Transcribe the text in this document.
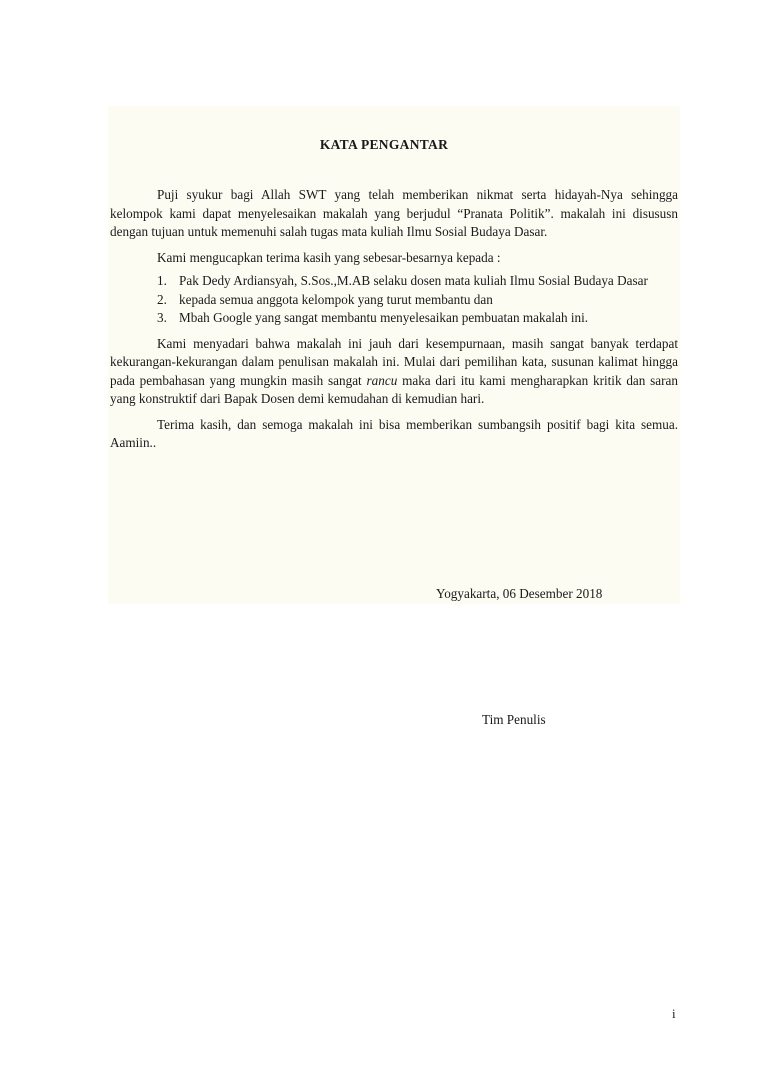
KATA PENGANTAR

Puji syukur bagi Allah SWT yang telah memberikan nikmat serta hidayah-Nya sehingga kelompok kami dapat menyelesaikan makalah yang berjudul “Pranata Politik”. makalah ini disususn dengan tujuan untuk memenuhi salah tugas mata kuliah Ilmu Sosial Budaya Dasar.

Kami mengucapkan terima kasih yang sebesar-besarnya kepada :

1. Pak Dedy Ardiansyah, S.Sos.,M.AB selaku dosen mata kuliah Ilmu Sosial Budaya Dasar
2. kepada semua anggota kelompok yang turut membantu dan
3. Mbah Google yang sangat membantu menyelesaikan pembuatan makalah ini.

Kami menyadari bahwa makalah ini jauh dari kesempurnaan, masih sangat banyak terdapat kekurangan-kekurangan dalam penulisan makalah ini. Mulai dari pemilihan kata, susunan kalimat hingga pada pembahasan yang mungkin masih sangat rancu maka dari itu kami mengharapkan kritik dan saran yang konstruktif dari Bapak Dosen demi kemudahan di kemudian hari.

Terima kasih, dan semoga makalah ini bisa memberikan sumbangsih positif bagi kita semua. Aamiin..

Yogyakarta, 06 Desember 2018
Tim Penulis
i
